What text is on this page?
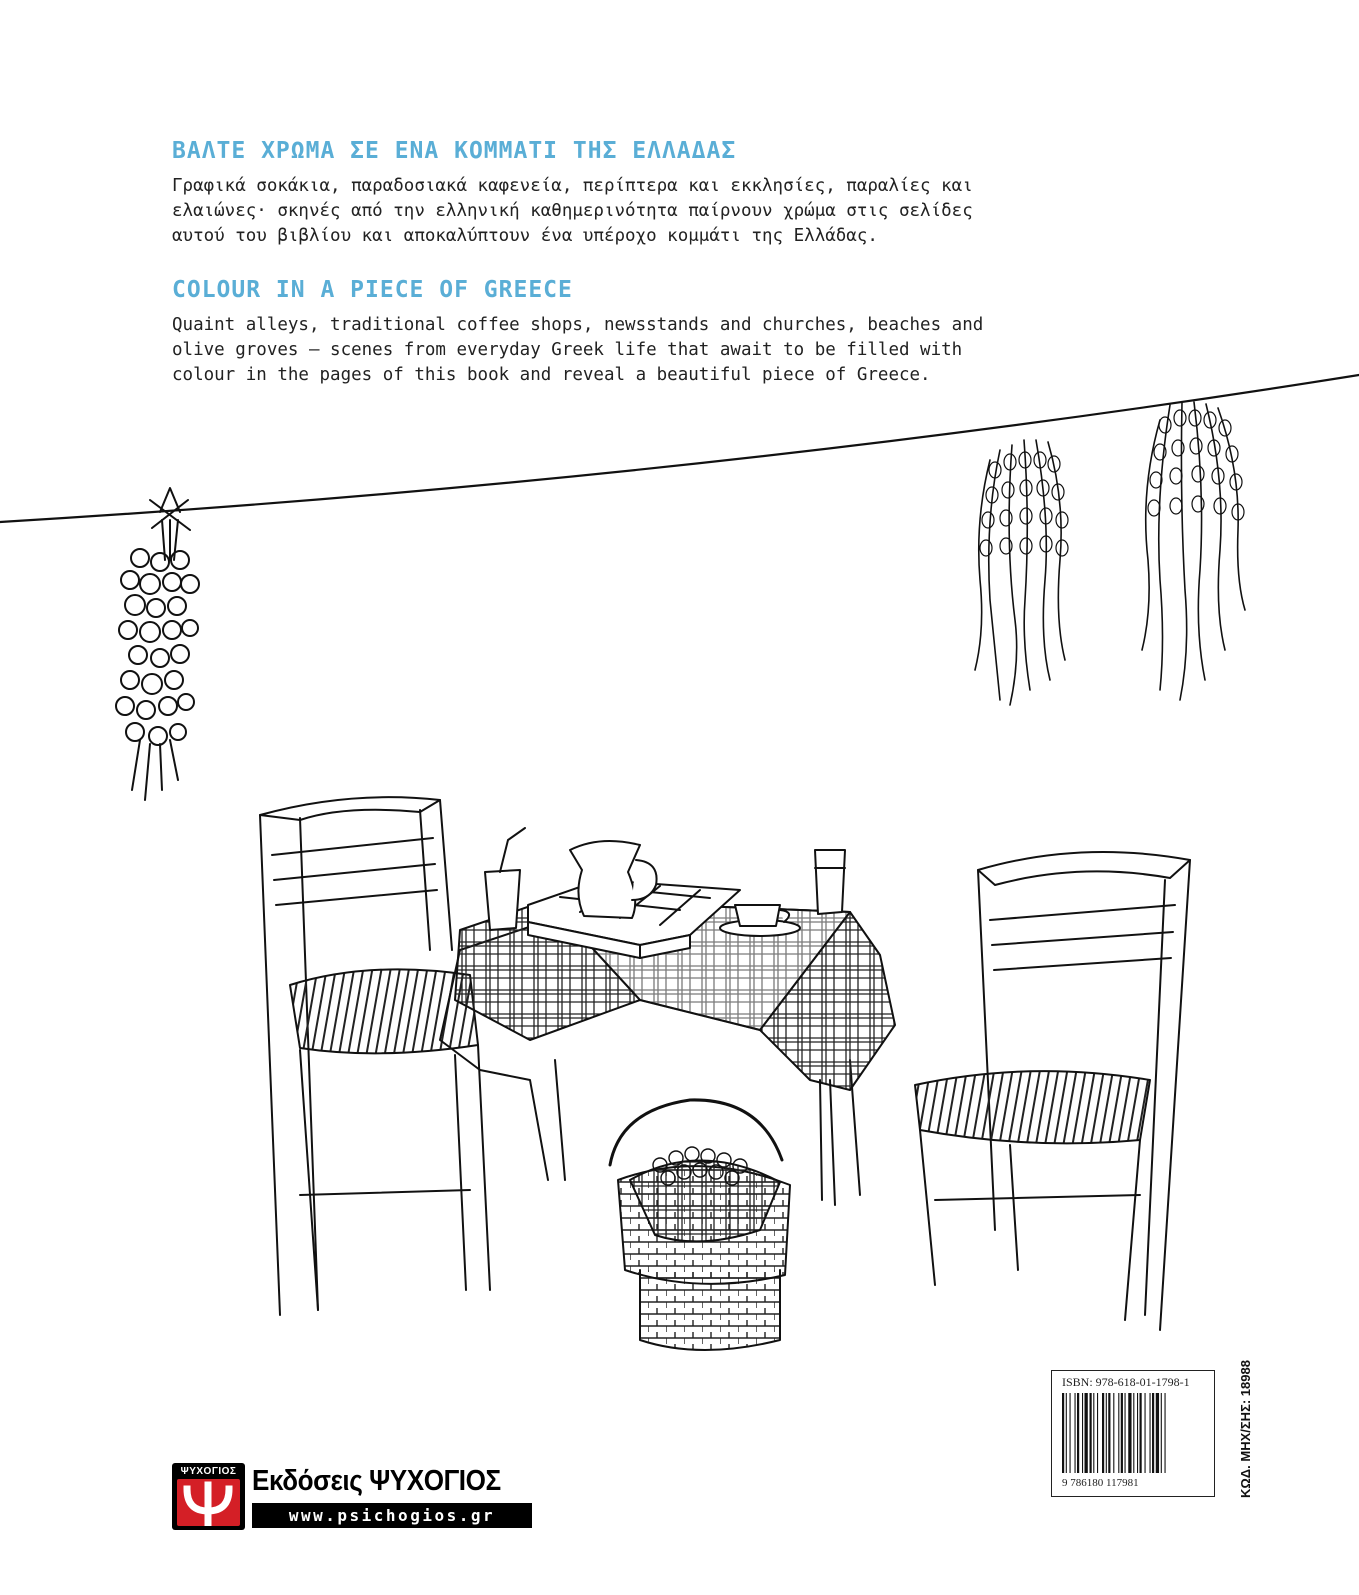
ΒΑΛΤΕ ΧΡΩΜΑ ΣΕ ΕΝΑ ΚΟΜΜΑΤΙ ΤΗΣ ΕΛΛΑΔΑΣ

Γραφικά σοκάκια, παραδοσιακά καφενεία, περίπτερα και εκκλησίες, παραλίες και
ελαιώνες· σκηνές από την ελληνική καθημερινότητα παίρνουν χρώμα στις σελίδες
αυτού του βιβλίου και αποκαλύπτουν ένα υπέροχο κομμάτι της Ελλάδας.

COLOUR IN A PIECE OF GREECE

Quaint alleys, traditional coffee shops, newsstands and churches, beaches and
olive groves – scenes from everyday Greek life that await to be filled with
colour in the pages of this book and reveal a beautiful piece of Greece.

ΨΥΧΟΓΙΟΣ Εκδόσεις ΨΥΧΟΓΙΟΣ
www.psichogios.gr
ISBN: 978-618-01-1798-1
9 786180 117981	ΚΩΔ. ΜΗΧ/ΣΗΣ: 18988
